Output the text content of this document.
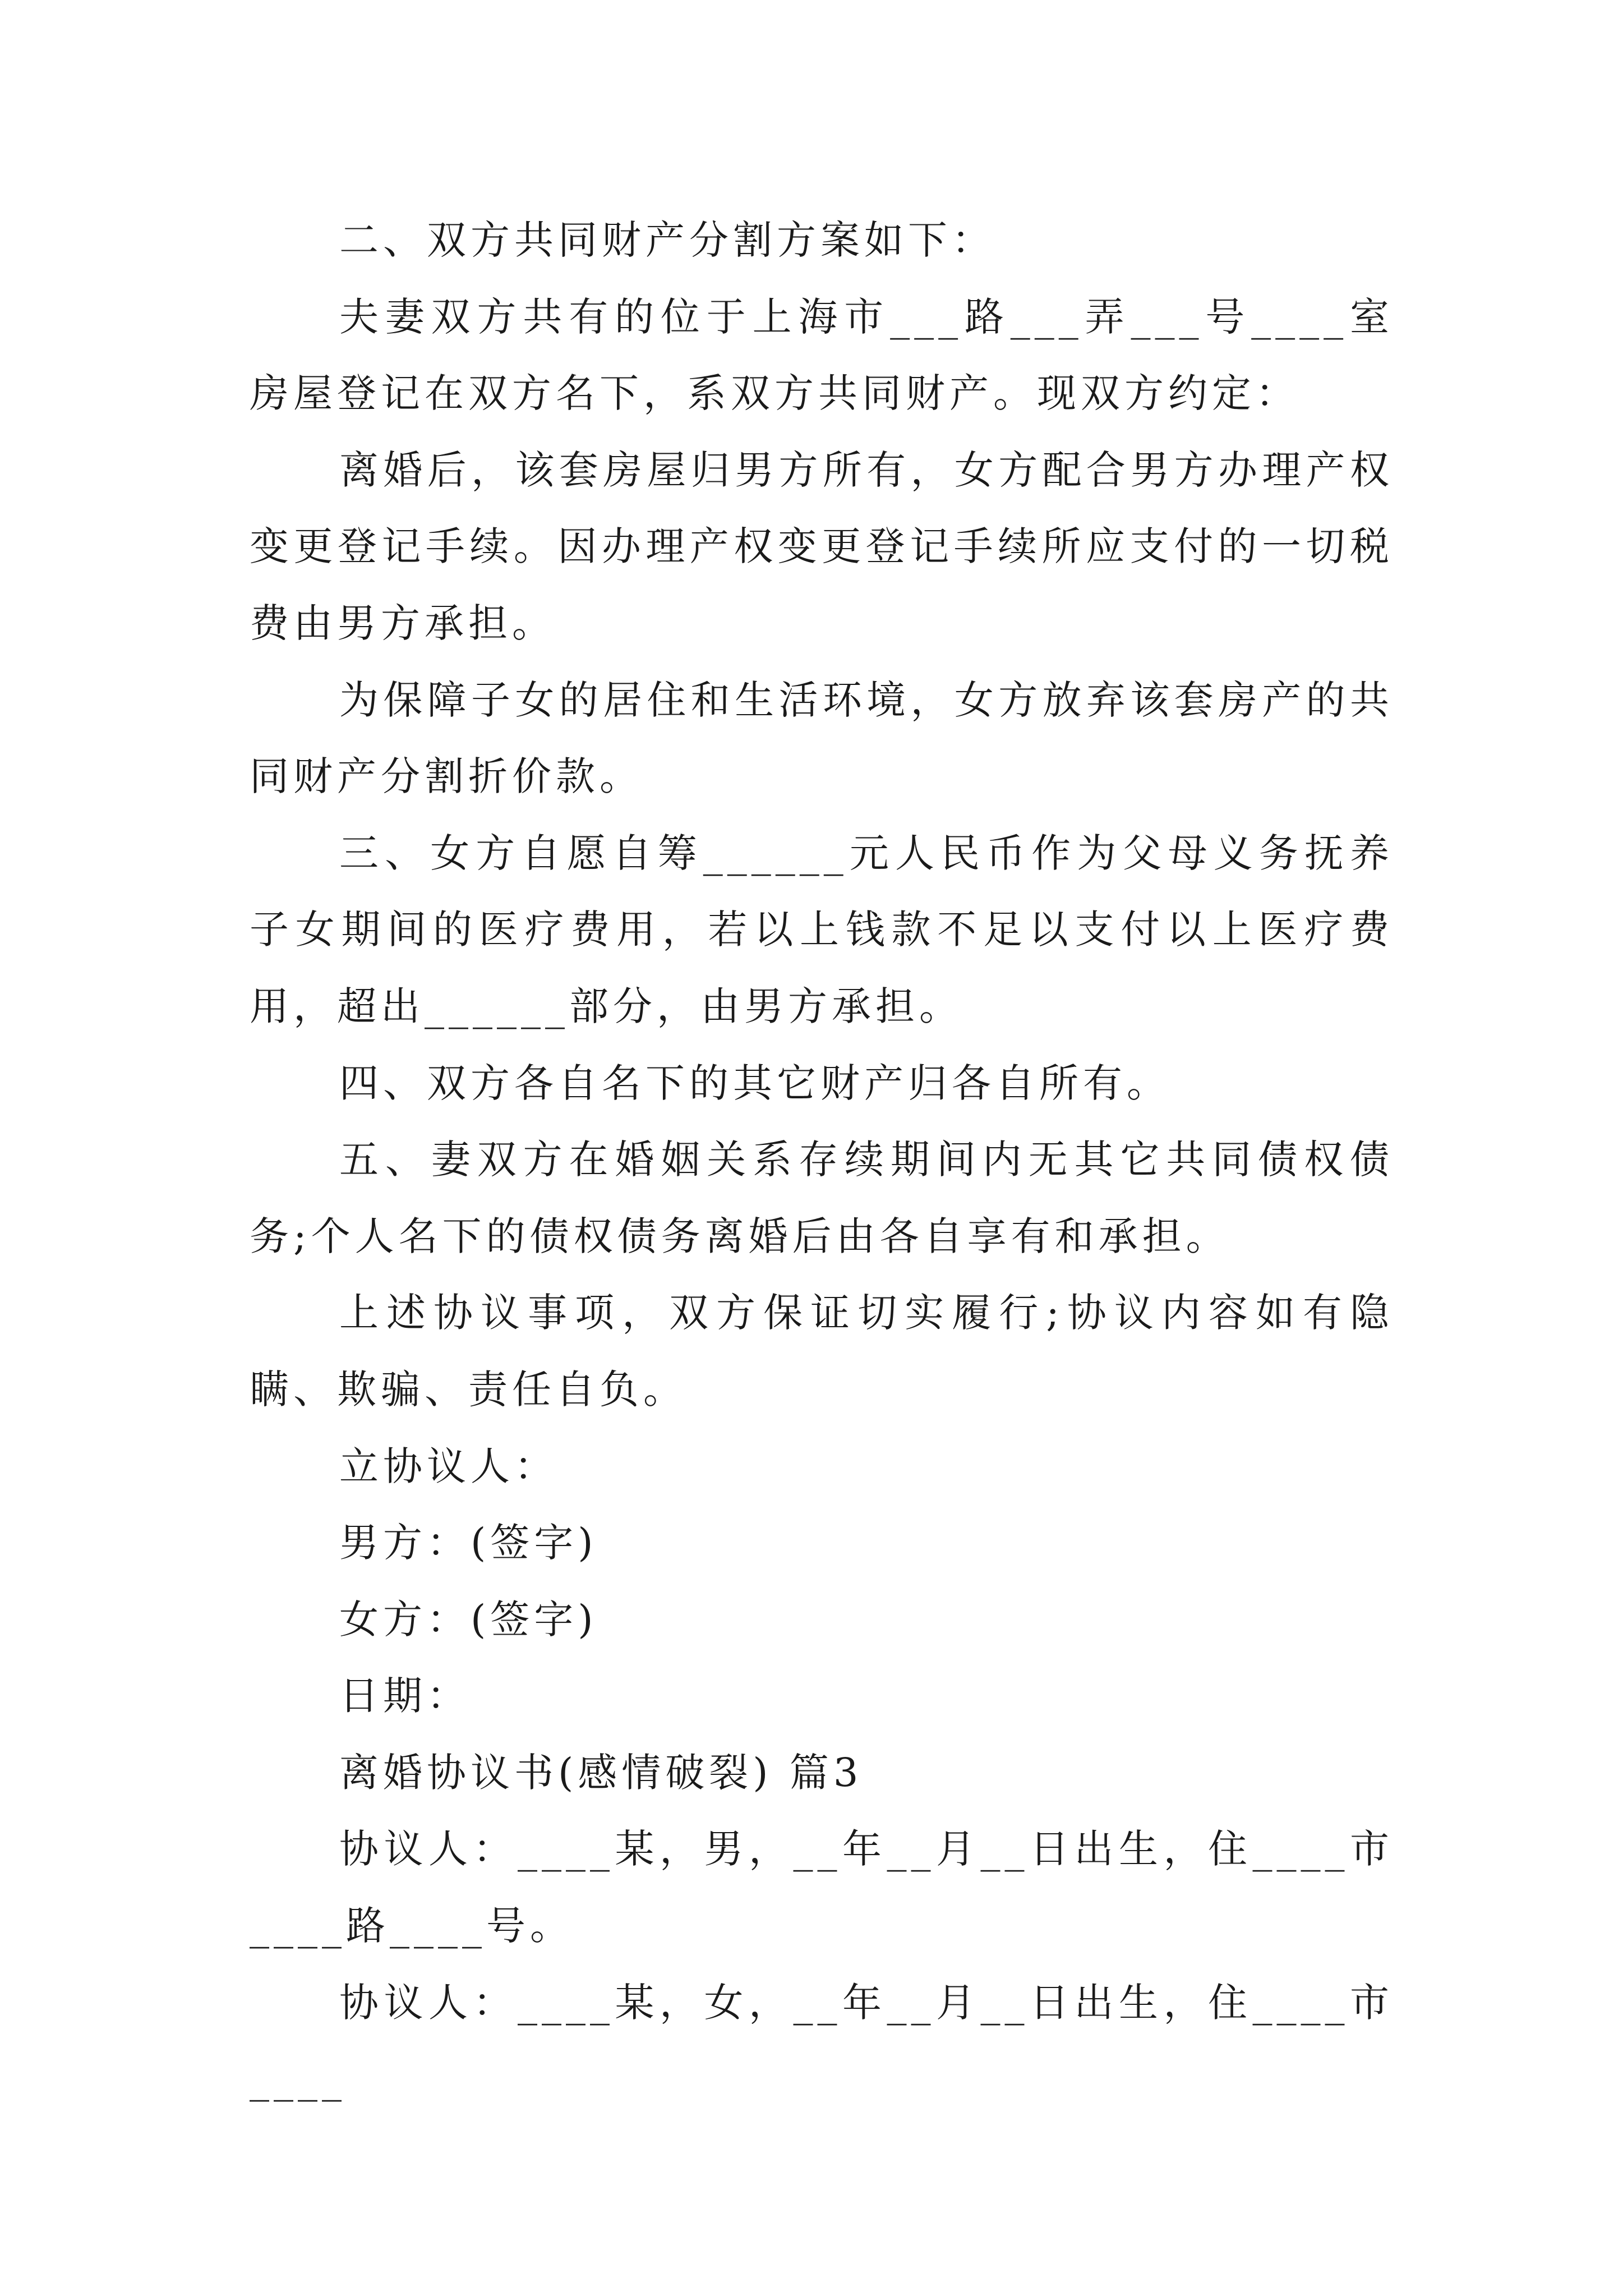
二、双方共同财产分割方案如下：

夫妻双方共有的位于上海市___路___弄___号____室房屋登记在双方名下，系双方共同财产。现双方约定：

离婚后，该套房屋归男方所有，女方配合男方办理产权变更登记手续。因办理产权变更登记手续所应支付的一切税费由男方承担。

为保障子女的居住和生活环境，女方放弃该套房产的共同财产分割折价款。

三、女方自愿自筹______元人民币作为父母义务抚养子女期间的医疗费用，若以上钱款不足以支付以上医疗费用，超出______部分，由男方承担。

四、双方各自名下的其它财产归各自所有。

五、妻双方在婚姻关系存续期间内无其它共同债权债务;个人名下的债权债务离婚后由各自享有和承担。

上述协议事项，双方保证切实履行;协议内容如有隐瞒、欺骗、责任自负。

立协议人：

男方：(签字)

女方：(签字)

日期：

离婚协议书(感情破裂) 篇3

协议人：____某，男，__年__月__日出生，住____市____路____号。

协议人：____某，女，__年__月__日出生，住____市____
